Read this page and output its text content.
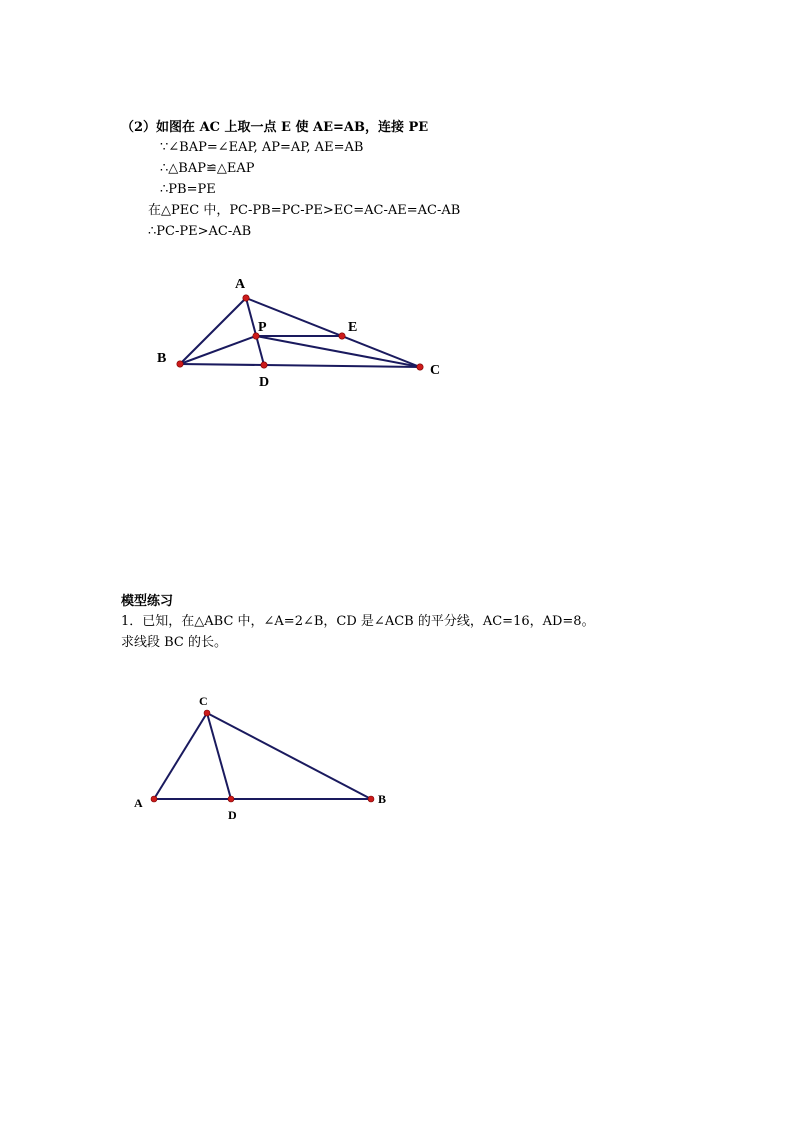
（2）如图在 AC 上取一点 E 使 AE=AB，连接 PE
∵∠BAP=∠EAP, AP=AP, AE=AB
∴△BAP≌△EAP
∴PB=PE
在△PEC 中，PC-PB=PC-PE>EC=AC-AE=AC-AB
∴PC-PE>AC-AB
A
B
C
P	E
D
模型练习
1．已知，在△ABC 中，∠A=2∠B，CD 是∠ACB 的平分线，AC=16，AD=8。
求线段 BC 的长。
C
A	B
D
